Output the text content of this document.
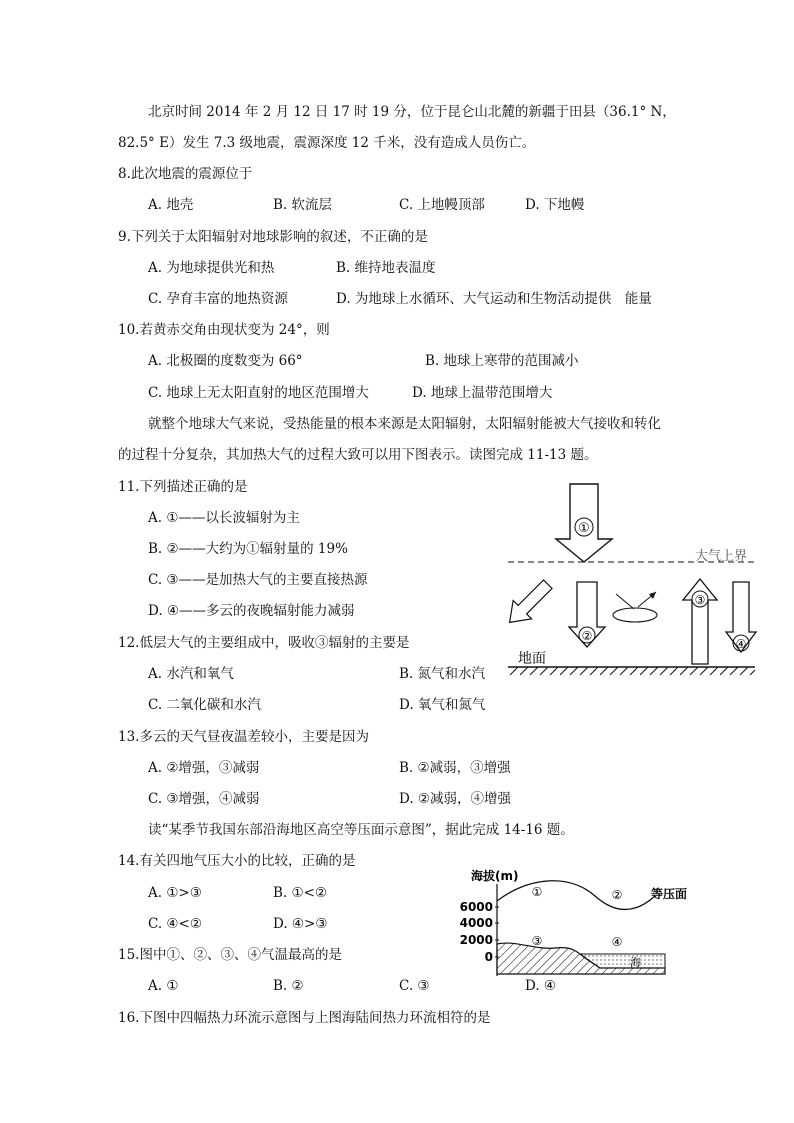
北京时间 2014 年 2 月 12 日 17 时 19 分，位于昆仑山北麓的新疆于田县（36.1° N，
82.5° E）发生 7.3 级地震，震源深度 12 千米，没有造成人员伤亡。
8.此次地震的震源位于
A. 地壳	B. 软流层	C. 上地幔顶部	D. 下地幔
9.下列关于太阳辐射对地球影响的叙述，不正确的是
A. 为地球提供光和热	B. 维持地表温度
C. 孕育丰富的地热资源	D. 为地球上水循环、大气运动和生物活动提供　能量
10.若黄赤交角由现状变为 24°，则
A. 北极圈的度数变为 66°	B. 地球上寒带的范围减小
C. 地球上无太阳直射的地区范围增大	D. 地球上温带范围增大
就整个地球大气来说，受热能量的根本来源是太阳辐射，太阳辐射能被大气接收和转化
的过程十分复杂，其加热大气的过程大致可以用下图表示。读图完成 11-13 题。
11.下列描述正确的是
A. ①——以长波辐射为主
B. ②——大约为①辐射量的 19%
C. ③——是加热大气的主要直接热源
D. ④——多云的夜晚辐射能力减弱
12.低层大气的主要组成中，吸收③辐射的主要是
A. 水汽和氧气	B. 氮气和水汽
C. 二氧化碳和水汽	D. 氧气和氮气
13.多云的天气昼夜温差较小，主要是因为
A. ②增强，③减弱	B. ②减弱，③增强
C. ③增强，④减弱	D. ②减弱，④增强
读“某季节我国东部沿海地区高空等压面示意图”，据此完成 14-16 题。
14.有关四地气压大小的比较，正确的是
A. ①>③	B. ①<②
C. ④<②	D. ④>③
15.图中①、②、③、④气温最高的是
A. ①	B. ②	C. ③	D. ④
16.下图中四幅热力环流示意图与上图海陆间热力环流相符的是
①
大气上界
②
③
④
地面
海拔(m)
6000
4000
2000
0
等压面
①	②
③	④
海
